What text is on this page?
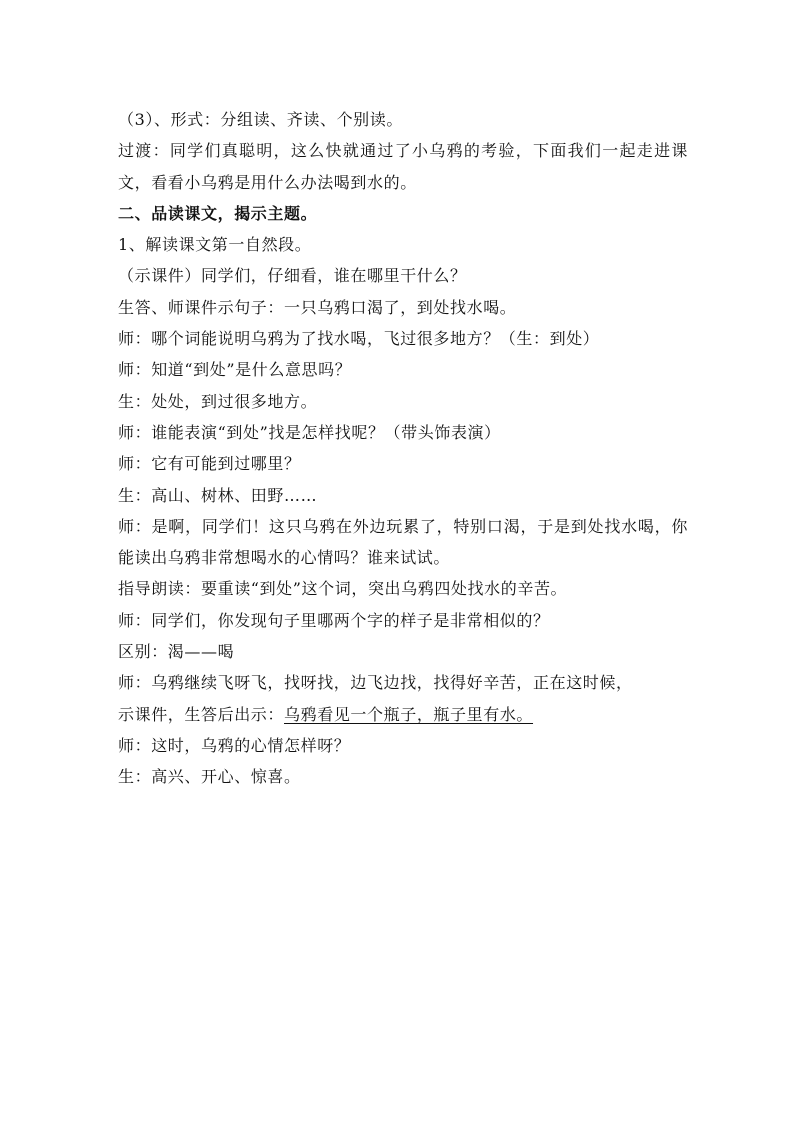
（3）、形式：分组读、齐读、个别读。
过渡：同学们真聪明，这么快就通过了小乌鸦的考验，下面我们一起走进课文，看看小乌鸦是用什么办法喝到水的。
二、品读课文，揭示主题。
1、解读课文第一自然段。
（示课件）同学们，仔细看，谁在哪里干什么？
生答、师课件示句子：一只乌鸦口渴了，到处找水喝。
师：哪个词能说明乌鸦为了找水喝，飞过很多地方？（生：到处）
师：知道“到处”是什么意思吗？
生：处处，到过很多地方。
师：谁能表演“到处”找是怎样找呢？（带头饰表演）
师：它有可能到过哪里？
生：高山、树林、田野……
师：是啊，同学们！这只乌鸦在外边玩累了，特别口渴，于是到处找水喝，你能读出乌鸦非常想喝水的心情吗？谁来试试。
指导朗读：要重读“到处”这个词，突出乌鸦四处找水的辛苦。
师：同学们，你发现句子里哪两个字的样子是非常相似的？
区别：渴——喝
师：乌鸦继续飞呀飞，找呀找，边飞边找，找得好辛苦，正在这时候，
示课件，生答后出示：乌鸦看见一个瓶子，瓶子里有水。
师：这时，乌鸦的心情怎样呀？
生：高兴、开心、惊喜。
